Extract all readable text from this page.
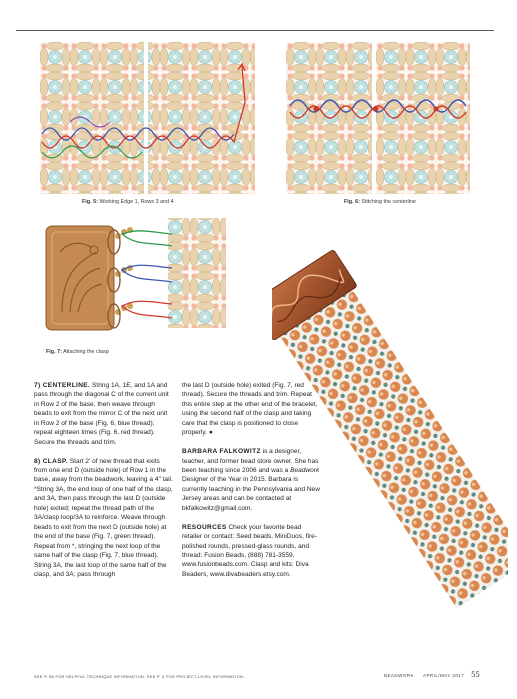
Fig. 5: Working Edge 1, Rows 3 and 4	Fig. 6: Stitching the centerline
Fig. 7: Attaching the clasp

7) CENTERLINE. String 1A, 1E, and 1A and pass through the diagonal C of the current unit in Row 2 of the base, then weave through beads to exit from the mirror C of the next unit in Row 2 of the base (Fig. 6, blue thread); repeat eighteen times (Fig. 6, red thread). Secure the threads and trim.

8) CLASP. Start 2' of new thread that exits from one end D (outside hole) of Row 1 in the base, away from the beadwork, leaving a 4" tail. *String 3A, the end loop of one half of the clasp, and 3A, then pass through the last D (outside hole) exited; repeat the thread path of the 3A/clasp loop/3A to reinforce. Weave through beads to exit from the next D (outside hole) at the end of the base (Fig. 7, green thread). Repeat from *, stringing the next loop of the same half of the clasp (Fig. 7, blue thread). String 3A, the last loop of the same half of the clasp, and 3A; pass through

the last D (outside hole) exited (Fig. 7, red thread). Secure the threads and trim. Repeat this entire step at the other end of the bracelet, using the second half of the clasp and taking care that the clasp is positioned to close properly. ●

BARBARA FALKOWITZ is a designer, teacher, and former bead store owner. She has been teaching since 2006 and was a Beadwork Designer of the Year in 2015. Barbara is currently teaching in the Pennsylvania and New Jersey areas and can be contacted at bkfalkowitz@gmail.com.

RESOURCES Check your favorite bead retailer or contact: Seed beads, MiniDuos, fire-polished rounds, pressed-glass rounds, and thread: Fusion Beads, (888) 781-3559, www.fusionbeads.com. Clasp and kits: Diva Beaders, www.divabeaders.etsy.com.

SEE P. 85 FOR HELPFUL TECHNIQUE INFORMATION. SEE P. 3 FOR PROJECT-LEVEL INFORMATION.	BEADWORK APRIL/MAY 2017 55
